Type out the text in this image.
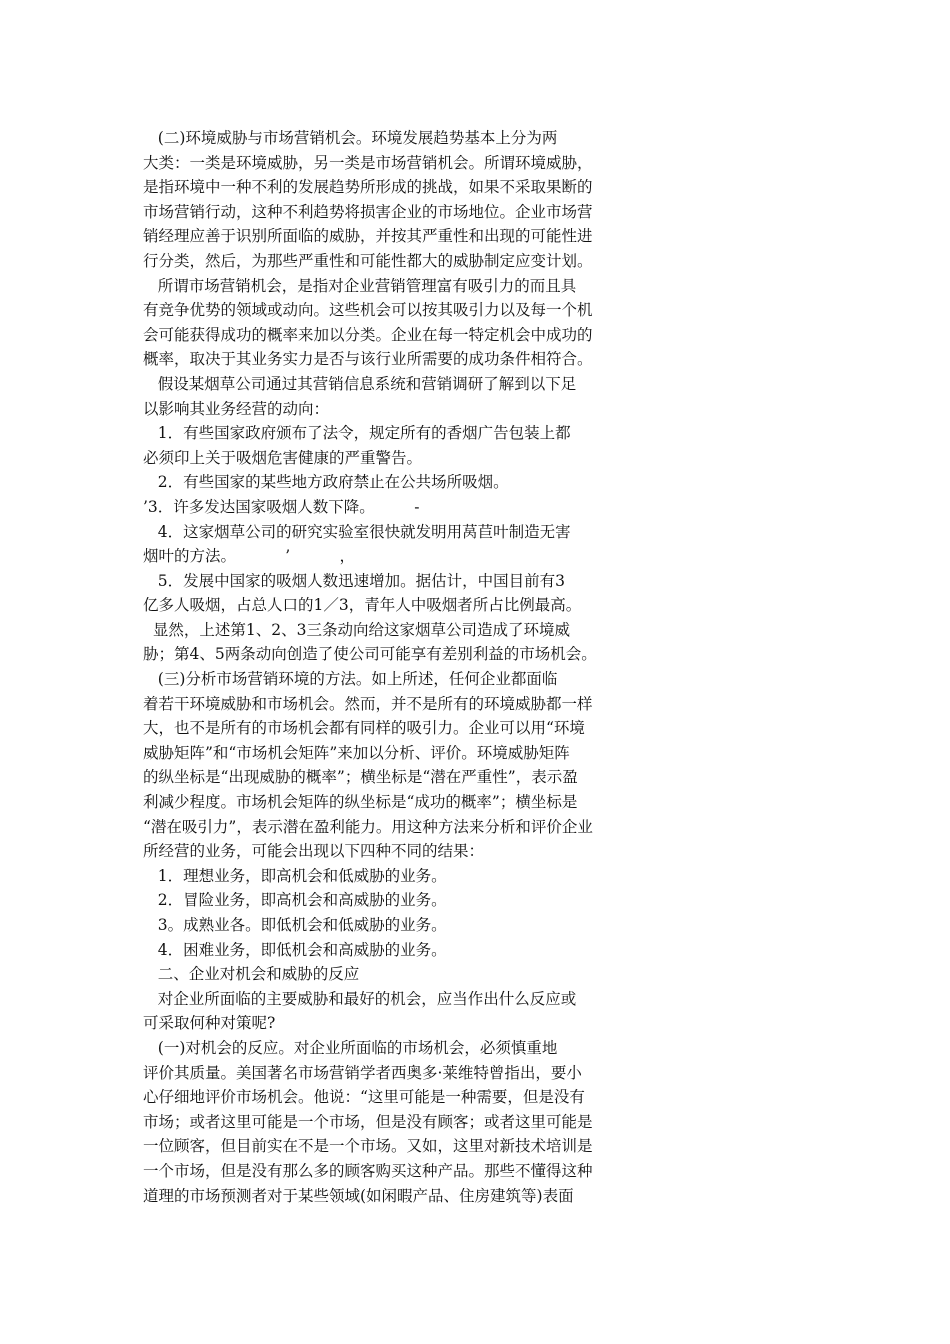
(二)环境威胁与市场营销机会。环境发展趋势基本上分为两
大类：一类是环境威胁，另一类是市场营销机会。所谓环境威胁，
是指环境中一种不利的发展趋势所形成的挑战，如果不采取果断的
市场营销行动，这种不利趋势将损害企业的市场地位。企业市场营
销经理应善于识别所面临的威胁，并按其严重性和出现的可能性进
行分类，然后，为那些严重性和可能性都大的威胁制定应变计划。
所谓市场营销机会，是指对企业营销管理富有吸引力的而且具
有竞争优势的领域或动向。这些机会可以按其吸引力以及每一个机
会可能获得成功的概率来加以分类。企业在每一特定机会中成功的
概率，取决于其业务实力是否与该行业所需要的成功条件相符合。
假设某烟草公司通过其营销信息系统和营销调研了解到以下足
以影响其业务经营的动向：
1．有些国家政府颁布了法令，规定所有的香烟广告包装上都
必须印上关于吸烟危害健康的严重警告。
2．有些国家的某些地方政府禁止在公共场所吸烟。
’3．许多发达国家吸烟人数下降。        -
4．这家烟草公司的研究实验室很快就发明用莴苣叶制造无害
烟叶的方法。          ’          ，
5．发展中国家的吸烟人数迅速增加。据估计，中国目前有3
亿多人吸烟，占总人口的1／3，青年人中吸烟者所占比例最高。
显然，上述第1、2、3三条动向给这家烟草公司造成了环境威
胁；第4、5两条动向创造了使公司可能享有差别利益的市场机会。
(三)分析市场营销环境的方法。如上所述，任何企业都面临
着若干环境威胁和市场机会。然而，并不是所有的环境威胁都一样
大，也不是所有的市场机会都有同样的吸引力。企业可以用“环境
威胁矩阵”和“市场机会矩阵”来加以分析、评价。环境威胁矩阵
的纵坐标是“出现威胁的概率”；横坐标是“潜在严重性”，表示盈
利减少程度。市场机会矩阵的纵坐标是“成功的概率”；横坐标是
“潜在吸引力”，表示潜在盈利能力。用这种方法来分析和评价企业
所经营的业务，可能会出现以下四种不同的结果：
1．理想业务，即高机会和低威胁的业务。
2．冒险业务，即高机会和高威胁的业务。
3。成熟业各。即低机会和低威胁的业务。
4．困难业务，即低机会和高威胁的业务。
二、企业对机会和威胁的反应
对企业所面临的主要威胁和最好的机会，应当作出什么反应或
可采取何种对策呢?
(一)对机会的反应。对企业所面临的市场机会，必须慎重地
评价其质量。美国著名市场营销学者西奥多·莱维特曾指出，要小
心仔细地评价市场机会。他说：“这里可能是一种需要，但是没有
市场；或者这里可能是一个市场，但是没有顾客；或者这里可能是
一位顾客，但目前实在不是一个市场。又如，这里对新技术培训是
一个市场，但是没有那么多的顾客购买这种产品。那些不懂得这种
道理的市场预测者对于某些领域(如闲暇产品、住房建筑等)表面
